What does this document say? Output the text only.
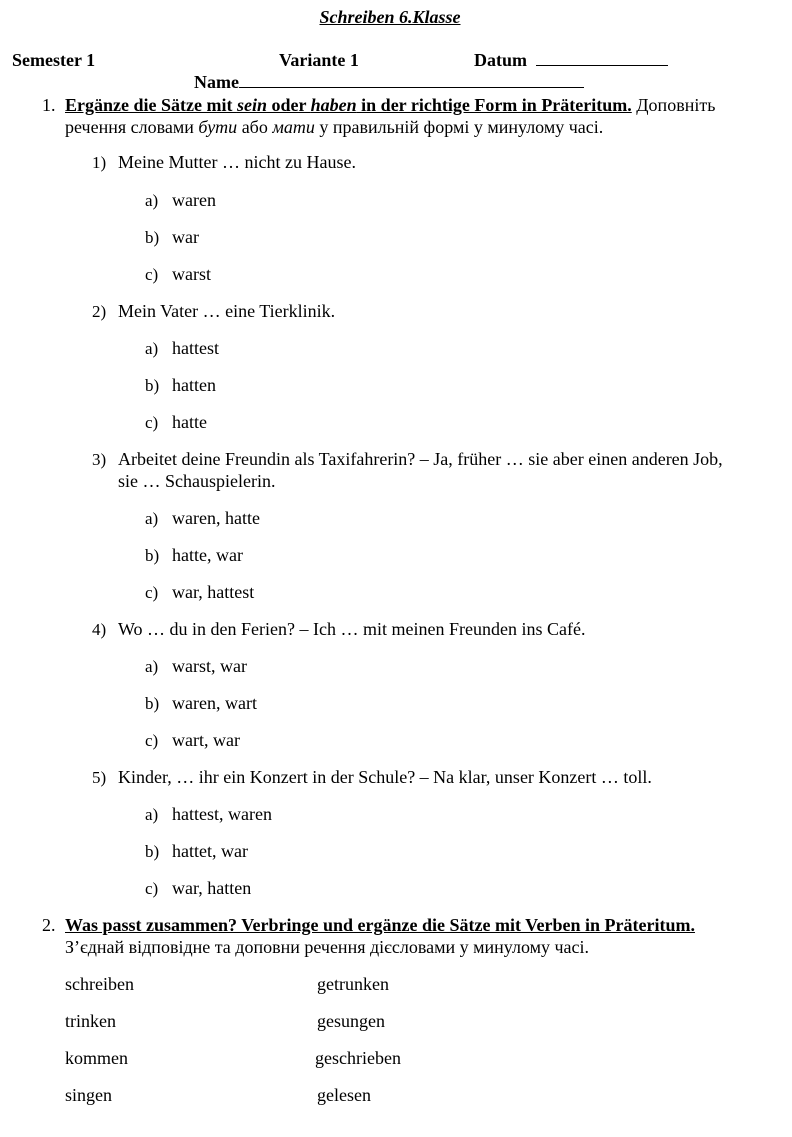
Schreiben 6.Klasse
Semester 1	Variante 1	Datum
Name
1. Ergänze die Sätze mit sein oder haben in der richtige Form in Präteritum. Доповніть
речення словами бути або мати у правильній формі у минулому часі.
1) Meine Mutter … nicht zu Hause.
a) waren
b) war
c) warst
2) Mein Vater … eine Tierklinik.
a) hattest
b) hatten
c) hatte
3) Arbeitet deine Freundin als Taxifahrerin? – Ja, früher … sie aber einen anderen Job,
sie … Schauspielerin.
a) waren, hatte
b) hatte, war
c) war, hattest
4) Wo … du in den Ferien? – Ich … mit meinen Freunden ins Café.
a) warst, war
b) waren, wart
c) wart, war
5) Kinder, … ihr ein Konzert in der Schule? – Na klar, unser Konzert … toll.
a) hattest, waren
b) hattet, war
c) war, hatten
2. Was passt zusammen? Verbringe und ergänze die Sätze mit Verben in Präteritum.
З’єднай відповідне та доповни речення дієсловами у минулому часі.
schreiben
trinken
kommen
singen
getrunken
gesungen
geschrieben
gelesen
